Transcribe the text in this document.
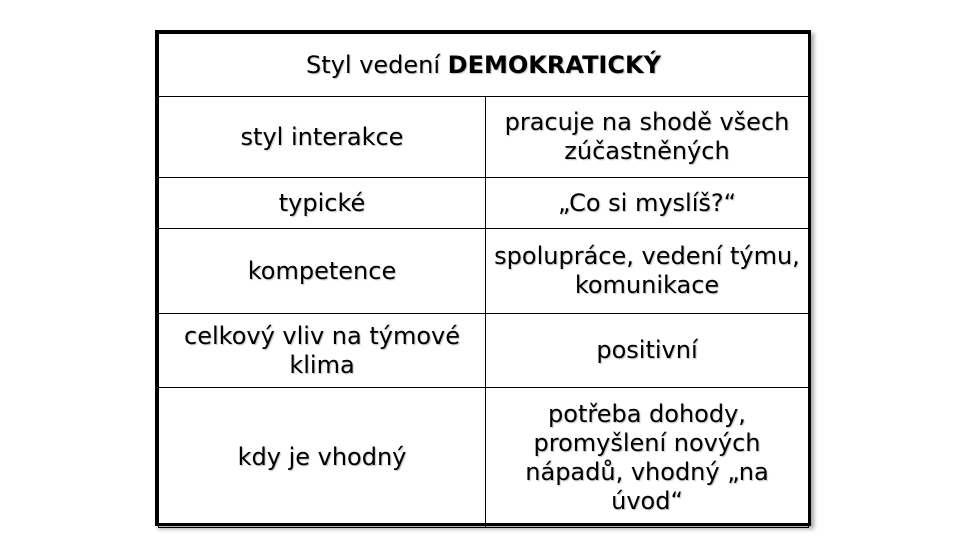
Styl vedení DEMOKRATICKÝ	
styl interakce	pracuje na shodě všech zúčastněných
typické	„Co si myslíš?“
kompetence	spolupráce, vedení týmu, komunikace
celkový vliv na týmové klima	positivní
kdy je vhodný	potřeba dohody, promyšlení nových nápadů, vhodný „na úvod“
